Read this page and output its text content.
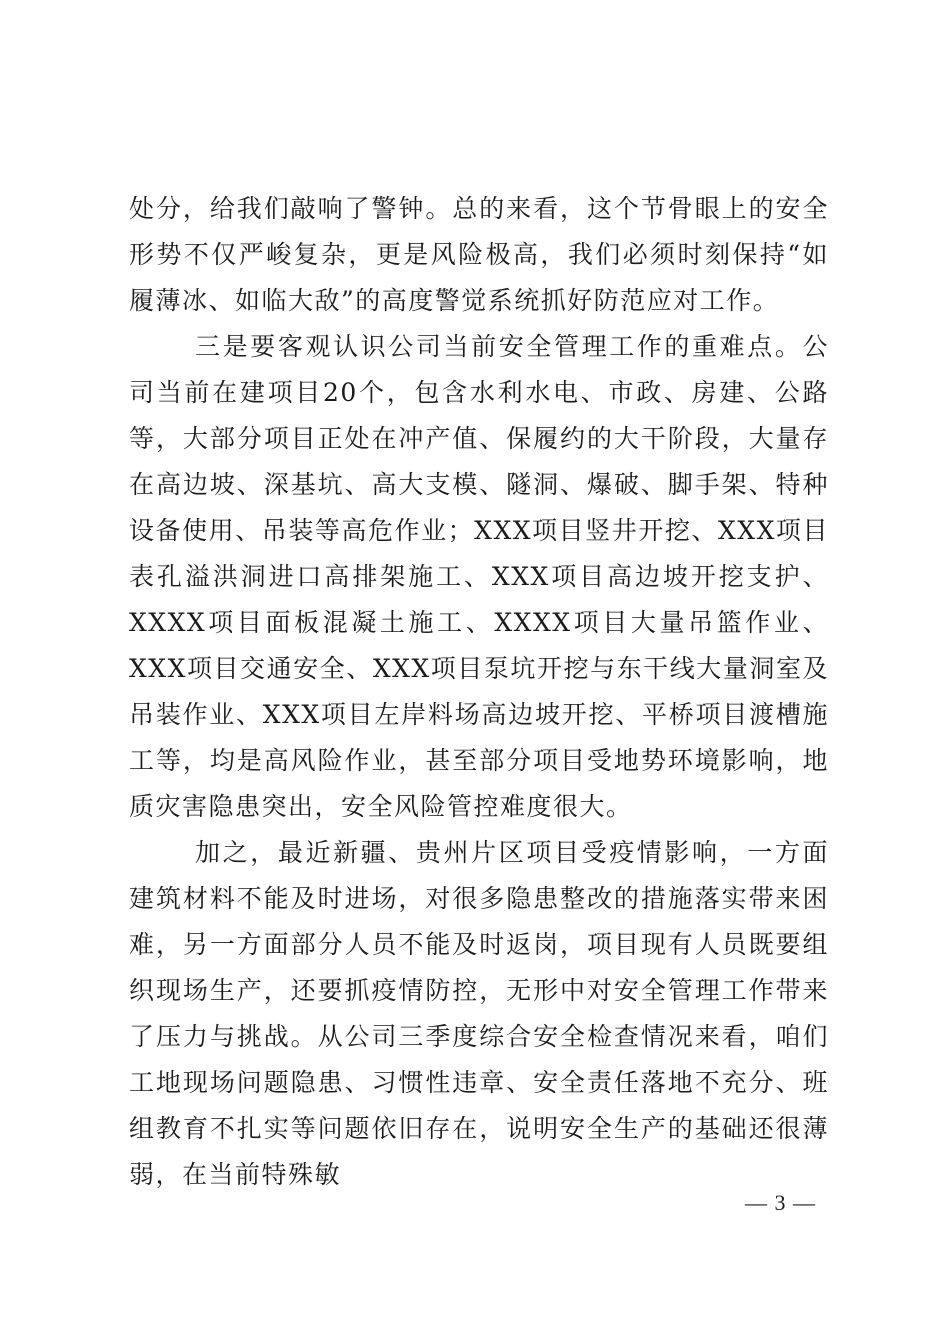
处分，给我们敲响了警钟。总的来看，这个节骨眼上的安全形势不仅严峻复杂，更是风险极高，我们必须时刻保持“如履薄冰、如临大敌”的高度警觉系统抓好防范应对工作。

三是要客观认识公司当前安全管理工作的重难点。公司当前在建项目20个，包含水利水电、市政、房建、公路等，大部分项目正处在冲产值、保履约的大干阶段，大量存在高边坡、深基坑、高大支模、隧洞、爆破、脚手架、特种设备使用、吊装等高危作业；XXX项目竖井开挖、XXX项目表孔溢洪洞进口高排架施工、XXX项目高边坡开挖支护、XXXX项目面板混凝土施工、XXXX项目大量吊篮作业、XXX项目交通安全、XXX项目泵坑开挖与东干线大量洞室及吊装作业、XXX项目左岸料场高边坡开挖、平桥项目渡槽施工等，均是高风险作业，甚至部分项目受地势环境影响，地质灾害隐患突出，安全风险管控难度很大。

加之，最近新疆、贵州片区项目受疫情影响，一方面建筑材料不能及时进场，对很多隐患整改的措施落实带来困难，另一方面部分人员不能及时返岗，项目现有人员既要组织现场生产，还要抓疫情防控，无形中对安全管理工作带来了压力与挑战。从公司三季度综合安全检查情况来看，咱们工地现场问题隐患、习惯性违章、安全责任落地不充分、班组教育不扎实等问题依旧存在，说明安全生产的基础还很薄弱，在当前特殊敏

— 3 —
